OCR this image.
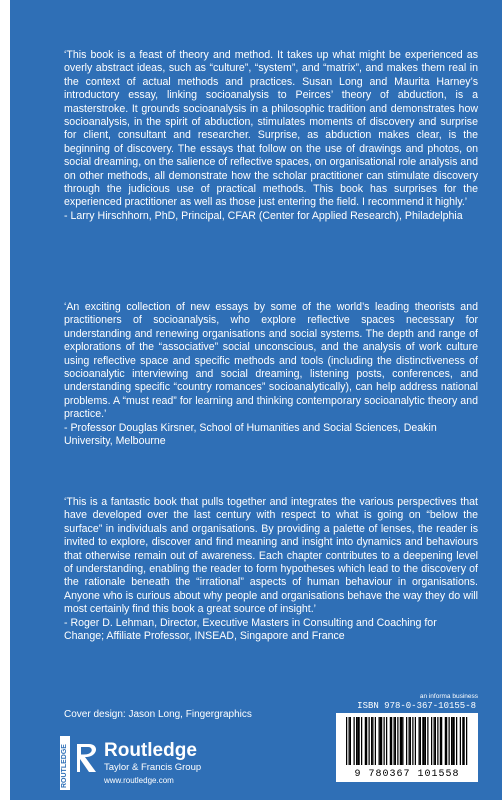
‘This book is a feast of theory and method. It takes up what might be experienced as overly abstract ideas, such as “culture”, “system”, and “matrix”, and makes them real in the context of actual methods and practices. Susan Long and Maurita Harney’s introductory essay, linking socioanalysis to Peirces’ theory of abduction, is a masterstroke. It grounds socioanalysis in a philosophic tradition and demonstrates how socioanalysis, in the spirit of abduction, stimulates moments of discovery and surprise for client, consultant and researcher. Surprise, as abduction makes clear, is the beginning of discovery. The essays that follow on the use of drawings and photos, on social dreaming, on the salience of reflective spaces, on organisational role analysis and on other methods, all demonstrate how the scholar practitioner can stimulate discovery through the judicious use of practical methods. This book has surprises for the experienced practitioner as well as those just entering the field. I recommend it highly.’

- Larry Hirschhorn, PhD, Principal, CFAR (Center for Applied Research), Philadelphia

‘An exciting collection of new essays by some of the world’s leading theorists and practitioners of socioanalysis, who explore reflective spaces necessary for understanding and renewing organisations and social systems. The depth and range of explorations of the “associative” social unconscious, and the analysis of work culture using reflective space and specific methods and tools (including the distinctiveness of socioanalytic interviewing and social dreaming, listening posts, conferences, and understanding specific “country romances” socioanalytically), can help address national problems. A “must read” for learning and thinking contemporary socioanalytic theory and practice.’

- Professor Douglas Kirsner, School of Humanities and Social Sciences, Deakin University, Melbourne

‘This is a fantastic book that pulls together and integrates the various perspectives that have developed over the last century with respect to what is going on “below the surface” in individuals and organisations. By providing a palette of lenses, the reader is invited to explore, discover and find meaning and insight into dynamics and behaviours that otherwise remain out of awareness. Each chapter contributes to a deepening level of understanding, enabling the reader to form hypotheses which lead to the discovery of the rationale beneath the “irrational” aspects of human behaviour in organisations. Anyone who is curious about why people and organisations behave the way they do will most certainly find this book a great source of insight.’

- Roger D. Lehman, Director, Executive Masters in Consulting and Coaching for Change; Affiliate Professor, INSEAD, Singapore and France

Cover design: Jason Long, Fingergraphics
an informa business
ISBN 978-0-367-10155-8
9 780367 101558
ROUTLEDGE Routledge
Taylor & Francis Group
www.routledge.com
